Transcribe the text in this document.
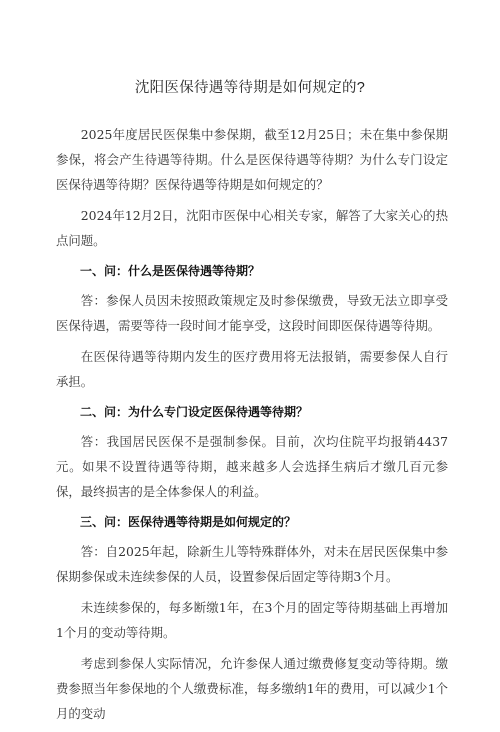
沈阳医保待遇等待期是如何规定的?

2025年度居民医保集中参保期，截至12月25日；未在集中参保期参保，将会产生待遇等待期。什么是医保待遇等待期？为什么专门设定医保待遇等待期？医保待遇等待期是如何规定的？

2024年12月2日，沈阳市医保中心相关专家，解答了大家关心的热点问题。

一、问：什么是医保待遇等待期？

答：参保人员因未按照政策规定及时参保缴费，导致无法立即享受医保待遇，需要等待一段时间才能享受，这段时间即医保待遇等待期。

在医保待遇等待期内发生的医疗费用将无法报销，需要参保人自行承担。

二、问：为什么专门设定医保待遇等待期？

答：我国居民医保不是强制参保。目前，次均住院平均报销4437元。如果不设置待遇等待期，越来越多人会选择生病后才缴几百元参保，最终损害的是全体参保人的利益。

三、问：医保待遇等待期是如何规定的？

答：自2025年起，除新生儿等特殊群体外，对未在居民医保集中参保期参保或未连续参保的人员，设置参保后固定等待期3个月。

未连续参保的，每多断缴1年，在3个月的固定等待期基础上再增加1个月的变动等待期。

考虑到参保人实际情况，允许参保人通过缴费修复变动等待期。缴费参照当年参保地的个人缴费标准，每多缴纳1年的费用，可以减少1个月的变动
